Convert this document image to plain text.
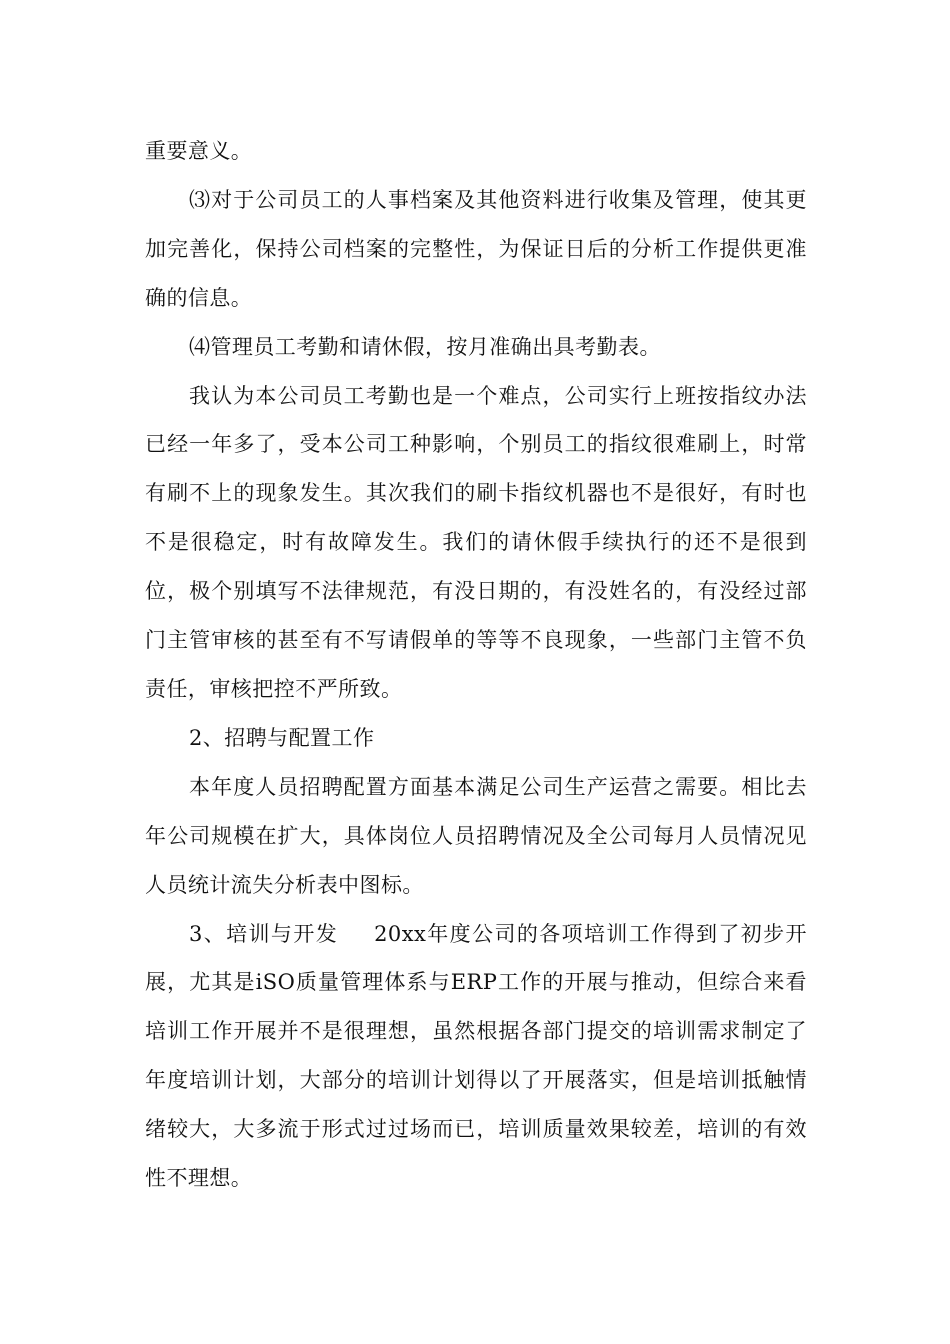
重要意义。

⑶对于公司员工的人事档案及其他资料进行收集及管理，使其更加完善化，保持公司档案的完整性，为保证日后的分析工作提供更准确的信息。

⑷管理员工考勤和请休假，按月准确出具考勤表。

我认为本公司员工考勤也是一个难点，公司实行上班按指纹办法已经一年多了，受本公司工种影响，个别员工的指纹很难刷上，时常有刷不上的现象发生。其次我们的刷卡指纹机器也不是很好，有时也不是很稳定，时有故障发生。我们的请休假手续执行的还不是很到位，极个别填写不法律规范，有没日期的，有没姓名的，有没经过部门主管审核的甚至有不写请假单的等等不良现象，一些部门主管不负责任，审核把控不严所致。

2、招聘与配置工作

本年度人员招聘配置方面基本满足公司生产运营之需要。相比去年公司规模在扩大，具体岗位人员招聘情况及全公司每月人员情况见人员统计流失分析表中图标。

3、培训与开发 20xx年度公司的各项培训工作得到了初步开展，尤其是iSO质量管理体系与ERP工作的开展与推动，但综合来看培训工作开展并不是很理想，虽然根据各部门提交的培训需求制定了年度培训计划，大部分的培训计划得以了开展落实，但是培训抵触情绪较大，大多流于形式过过场而已，培训质量效果较差，培训的有效性不理想。
